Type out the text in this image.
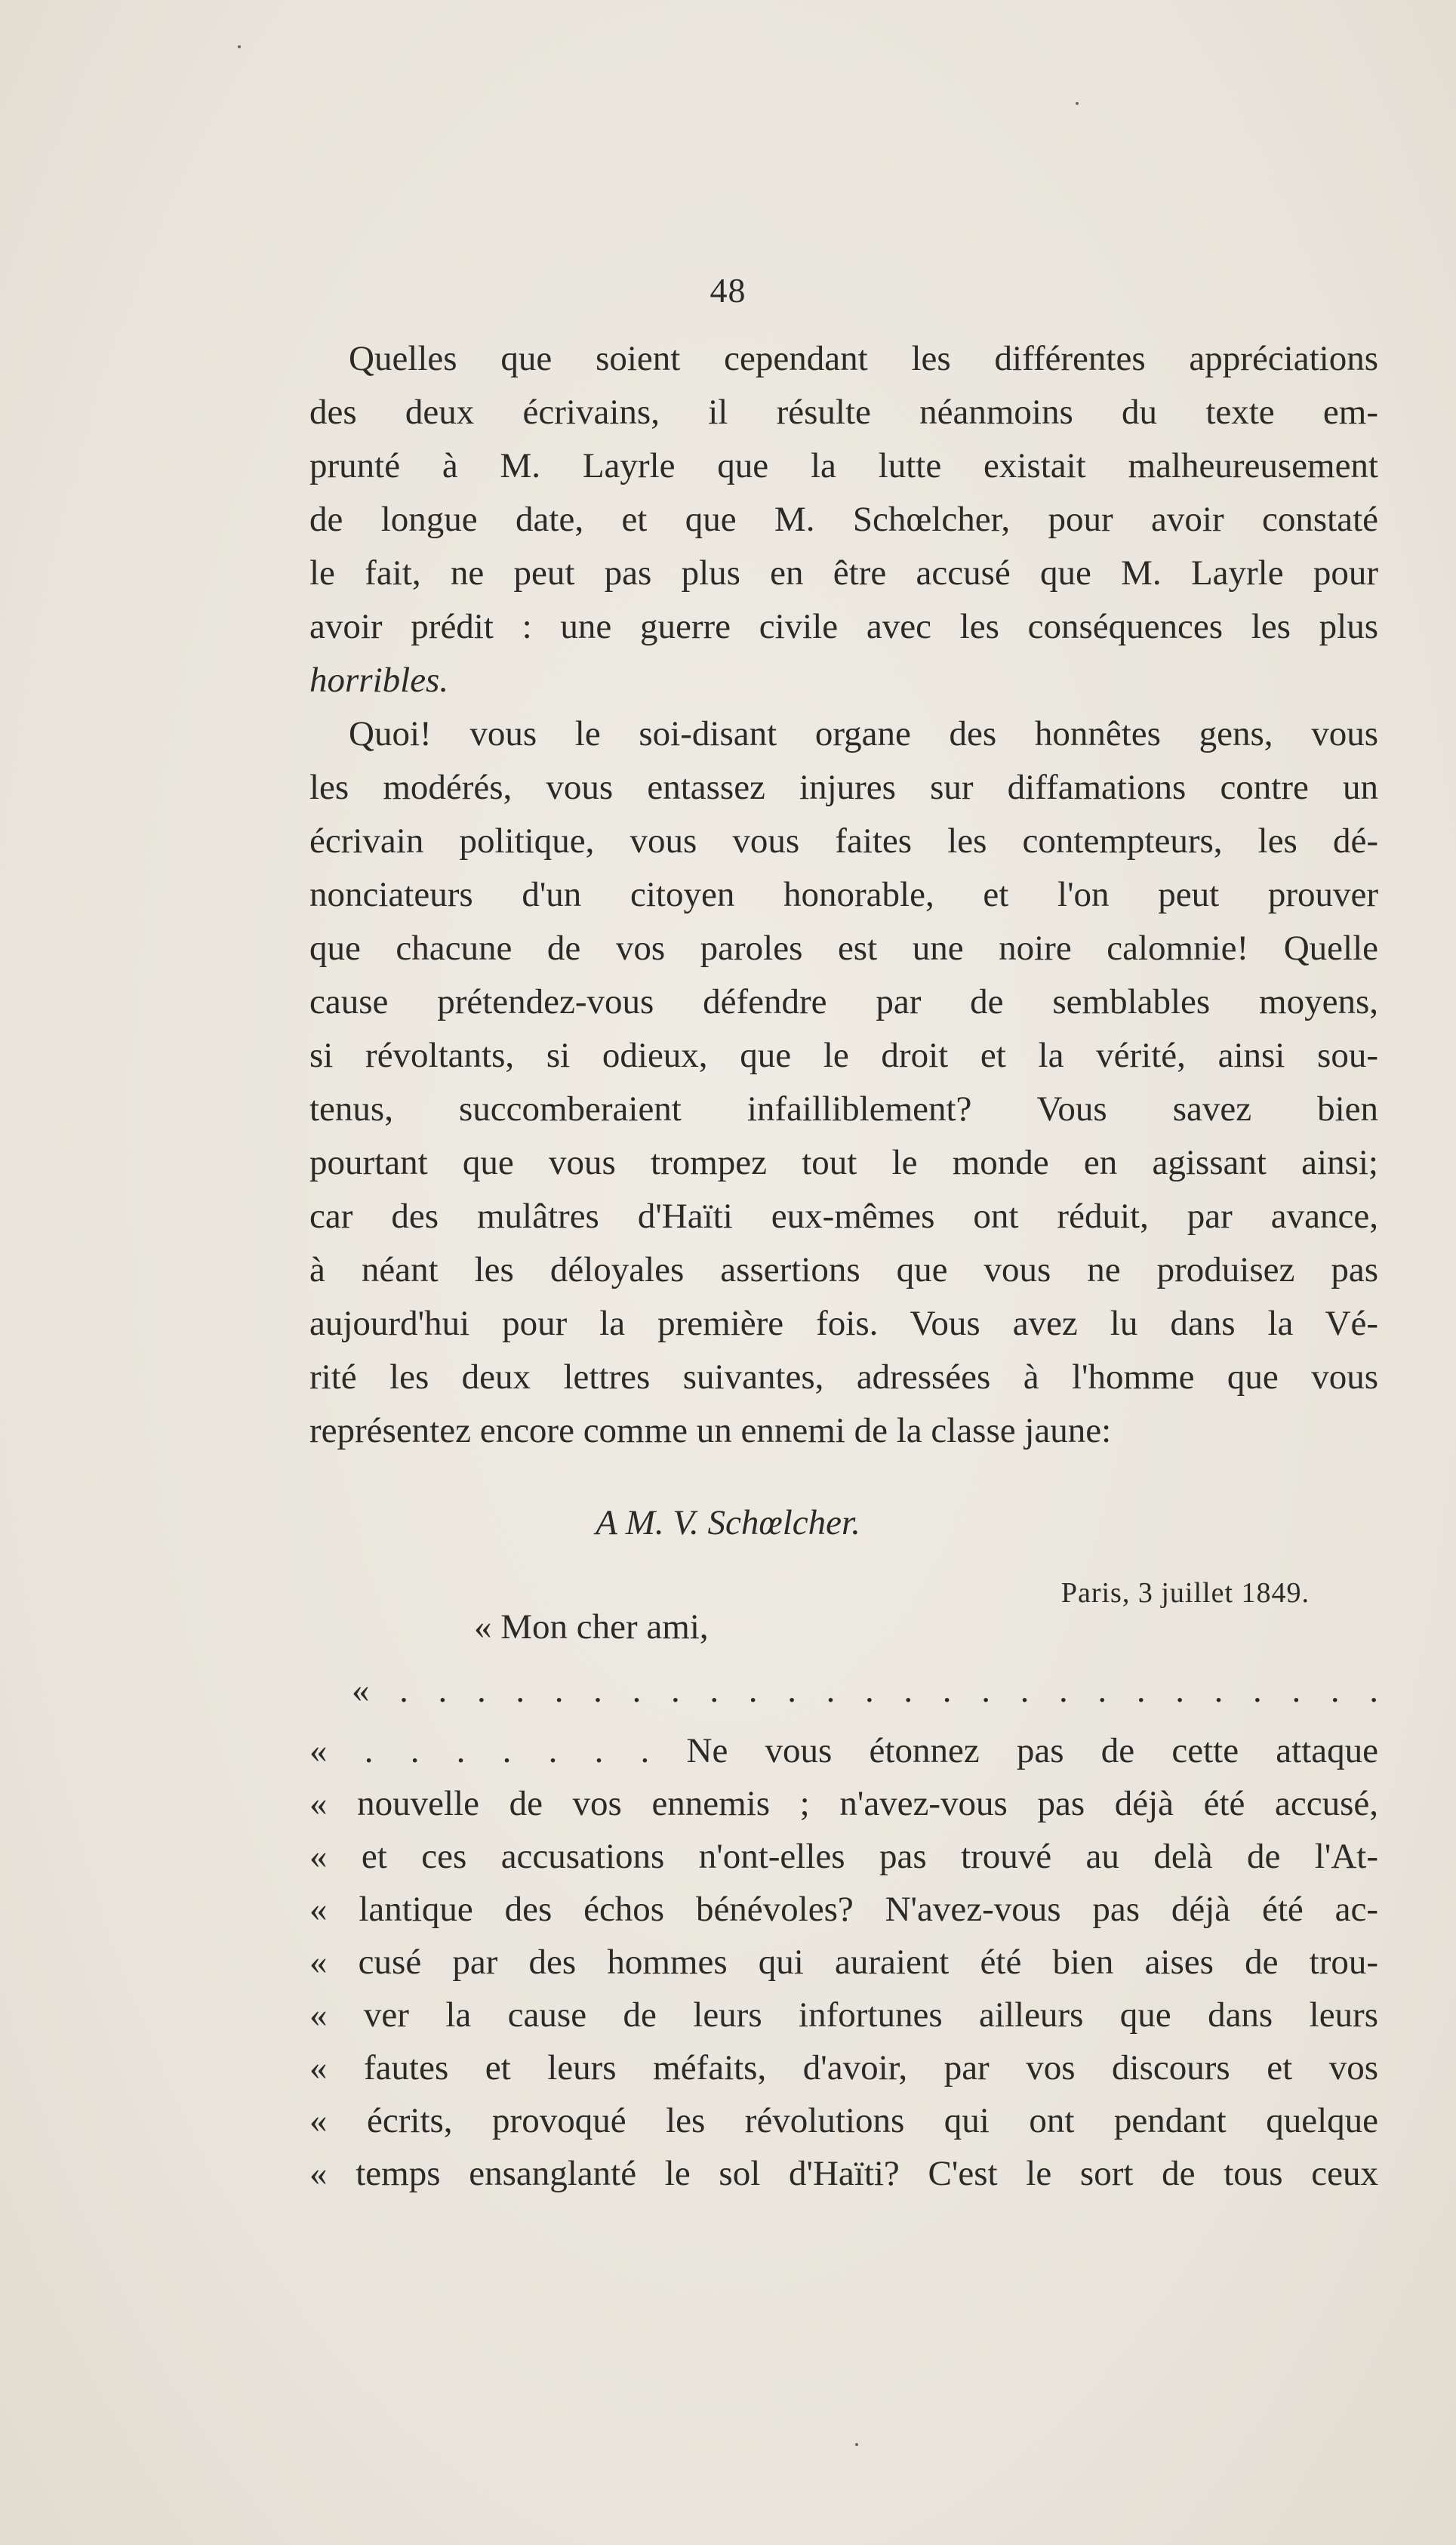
48
Quelles que soient cependant les différentes appréciations
des deux écrivains, il résulte néanmoins du texte em-
prunté à M. Layrle que la lutte existait malheureusement
de longue date, et que M. Schœlcher, pour avoir constaté
le fait, ne peut pas plus en être accusé que M. Layrle pour
avoir prédit : une guerre civile avec les conséquences les plus
horribles.
Quoi! vous le soi-disant organe des honnêtes gens, vous
les modérés, vous entassez injures sur diffamations contre un
écrivain politique, vous vous faites les contempteurs, les dé-
nonciateurs d'un citoyen honorable, et l'on peut prouver
que chacune de vos paroles est une noire calomnie! Quelle
cause prétendez-vous défendre par de semblables moyens,
si révoltants, si odieux, que le droit et la vérité, ainsi sou-
tenus, succomberaient infailliblement? Vous savez bien
pourtant que vous trompez tout le monde en agissant ainsi;
car des mulâtres d'Haïti eux-mêmes ont réduit, par avance,
à néant les déloyales assertions que vous ne produisez pas
aujourd'hui pour la première fois. Vous avez lu dans la Vé-
rité les deux lettres suivantes, adressées à l'homme que vous
représentez encore comme un ennemi de la classe jaune:
A M. V. Schœlcher.
Paris, 3 juillet 1849.
« Mon cher ami,
« . . . . . . . . . . . . . . . . . . . . . . . . . .
« . . . . . . . Ne vous étonnez pas de cette attaque
« nouvelle de vos ennemis ; n'avez-vous pas déjà été accusé,
« et ces accusations n'ont-elles pas trouvé au delà de l'At-
« lantique des échos bénévoles? N'avez-vous pas déjà été ac-
« cusé par des hommes qui auraient été bien aises de trou-
« ver la cause de leurs infortunes ailleurs que dans leurs
« fautes et leurs méfaits, d'avoir, par vos discours et vos
« écrits, provoqué les révolutions qui ont pendant quelque
« temps ensanglanté le sol d'Haïti? C'est le sort de tous ceux
